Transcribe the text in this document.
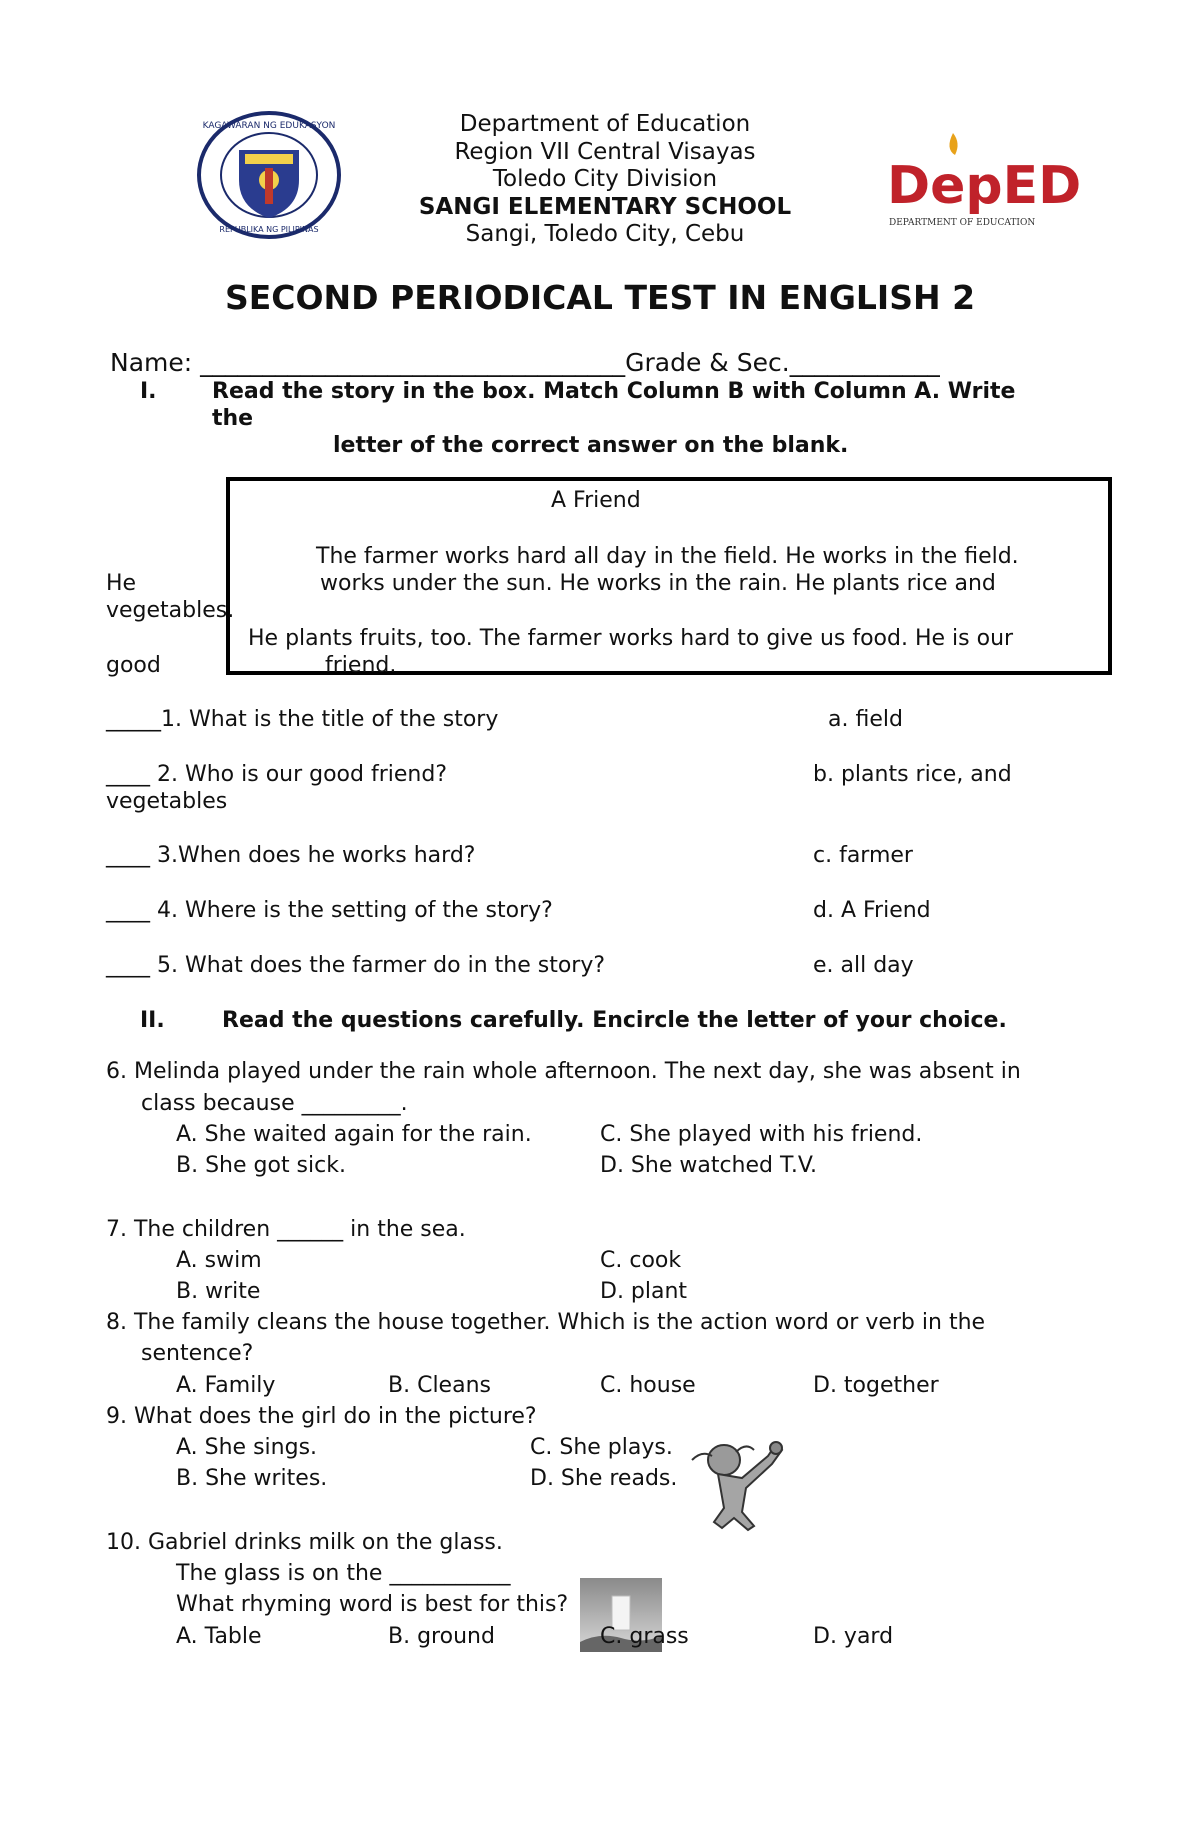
KAGAWARAN NG EDUKASYON
REPUBLIKA NG PILIPINAS
DepED
DEPARTMENT OF EDUCATION
Department of Education
Region VII Central Visayas
Toledo City Division
SANGI ELEMENTARY SCHOOL
Sangi, Toledo City, Cebu
SECOND PERIODICAL TEST IN ENGLISH 2
Name: __________________________________Grade & Sec.____________
I.	Read the story in the box. Match Column B with Column A. Write
the
letter of the correct answer on the blank.
A Friend
The farmer works hard all day in the field. He works in the field.
He	works under the sun. He works in the rain. He plants rice and
vegetables.
He plants fruits, too. The farmer works hard to give us food. He is our
good	friend.
_____1. What is the title of the story	a. field
____ 2. Who is our good friend?	b. plants rice, and
vegetables
____ 3.When does he works hard?	c. farmer
____ 4. Where is the setting of the story?	d. A Friend
____ 5. What does the farmer do in the story?	e. all day
II.	Read the questions carefully. Encircle the letter of your choice.
6. Melinda played under the rain whole afternoon. The next day, she was absent in
class because _________.
A. She waited again for the rain.	C. She played with his friend.
B. She got sick.	D. She watched T.V.
7. The children ______ in the sea.
A. swim	C. cook
B. write	D. plant
8. The family cleans the house together. Which is the action word or verb in the
sentence?
A. Family	B. Cleans	C. house	D. together
9. What does the girl do in the picture?
A. She sings.	C. She plays.
B. She writes.	D. She reads.
10. Gabriel drinks milk on the glass.
The glass is on the ___________
What rhyming word is best for this?
A. Table	B. ground	C. grass	D. yard
